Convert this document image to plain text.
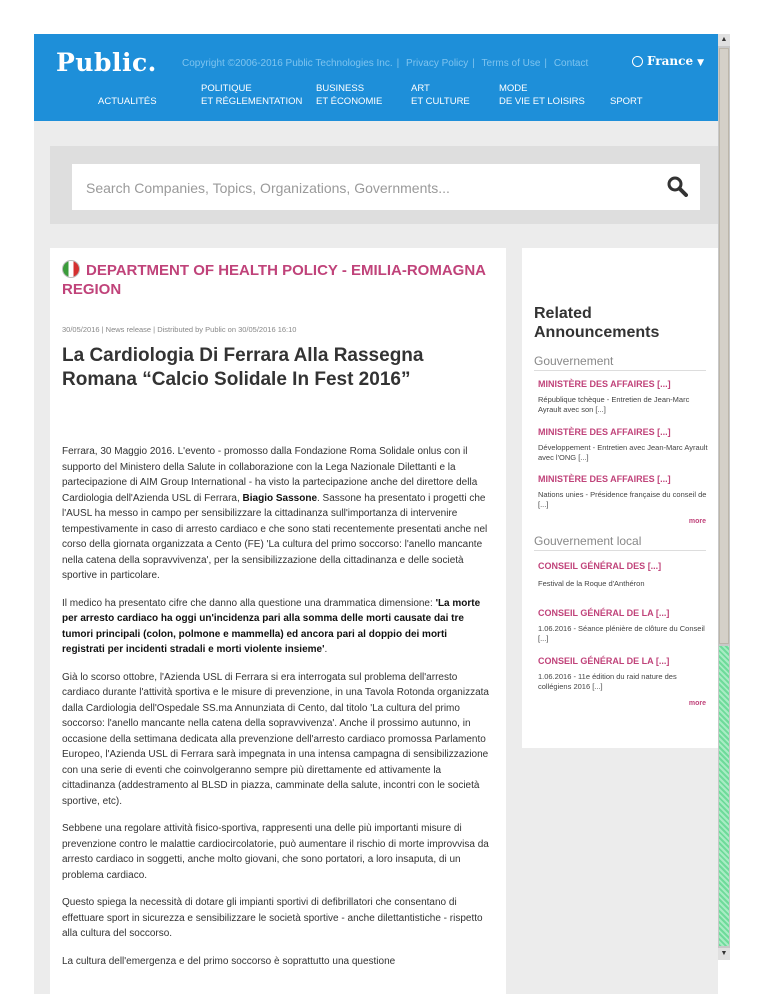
Public.	Copyright ©2006-2016 Public Technologies Inc. | Privacy Policy | Terms of Use | Contact	France ▼

ACTUALITÉS
POLITIQUE
ET RÉGLEMENTATION
BUSINESS
ET ÉCONOMIE
ART
ET CULTURE
MODE
DE VIE ET LOISIRS
	SPORT
Search Companies, Topics, Organizations, Governments...
DEPARTMENT OF HEALTH POLICY - EMILIA-ROMAGNA REGION
30/05/2016 | News release | Distributed by Public on 30/05/2016 16:10
La Cardiologia Di Ferrara Alla Rassegna Romana “Calcio Solidale In Fest 2016”

Ferrara, 30 Maggio 2016. L'evento - promosso dalla Fondazione Roma Solidale onlus con il supporto del Ministero della Salute in collaborazione con la Lega Nazionale Dilettanti e la partecipazione di AIM Group International - ha visto la partecipazione anche del direttore della Cardiologia dell'Azienda USL di Ferrara, Biagio Sassone. Sassone ha presentato i progetti che l'AUSL ha messo in campo per sensibilizzare la cittadinanza sull'importanza di intervenire tempestivamente in caso di arresto cardiaco e che sono stati recentemente presentati anche nel corso della giornata organizzata a Cento (FE) 'La cultura del primo soccorso: l'anello mancante nella catena della sopravvivenza', per la sensibilizzazione della cittadinanza e delle società sportive in particolare.

Il medico ha presentato cifre che danno alla questione una drammatica dimensione: 'La morte per arresto cardiaco ha oggi un'incidenza pari alla somma delle morti causate dai tre tumori principali (colon, polmone e mammella) ed ancora pari al doppio dei morti registrati per incidenti stradali e morti violente insieme'.

Già lo scorso ottobre, l'Azienda USL di Ferrara si era interrogata sul problema dell'arresto cardiaco durante l'attività sportiva e le misure di prevenzione, in una Tavola Rotonda organizzata dalla Cardiologia dell'Ospedale SS.ma Annunziata di Cento, dal titolo 'La cultura del primo soccorso: l'anello mancante nella catena della sopravvivenza'. Anche il prossimo autunno, in occasione della settimana dedicata alla prevenzione dell'arresto cardiaco promossa Parlamento Europeo, l'Azienda USL di Ferrara sarà impegnata in una intensa campagna di sensibilizzazione con una serie di eventi che coinvolgeranno sempre più direttamente ed attivamente la cittadinanza (addestramento al BLSD in piazza, camminate della salute, incontri con le società sportive, etc).

Sebbene una regolare attività fisico-sportiva, rappresenti una delle più importanti misure di prevenzione contro le malattie cardiocircolatorie, può aumentare il rischio di morte improvvisa da arresto cardiaco in soggetti, anche molto giovani, che sono portatori, a loro insaputa, di un problema cardiaco.

Questo spiega la necessità di dotare gli impianti sportivi di defibrillatori che consentano di effettuare sport in sicurezza e sensibilizzare le società sportive - anche dilettantistiche - rispetto alla cultura del soccorso.

La cultura dell'emergenza e del primo soccorso è soprattutto una questione

Related Announcements
Gouvernement
MINISTÈRE DES AFFAIRES [...]
République tchèque - Entretien de Jean-Marc Ayrault avec son [...]
MINISTÈRE DES AFFAIRES [...]
Développement - Entretien avec Jean-Marc Ayrault avec l'ONG [...]
MINISTÈRE DES AFFAIRES [...]
Nations unies - Présidence française du conseil de [...]
more
Gouvernement local
CONSEIL GÉNÉRAL DES [...]
Festival de la Roque d'Anthéron
CONSEIL GÉNÉRAL DE LA [...]
1.06.2016 - Séance plénière de clôture du Conseil [...]
CONSEIL GÉNÉRAL DE LA [...]
1.06.2016 - 11e édition du raid nature des collégiens 2016 [...]
more
▲
▼
